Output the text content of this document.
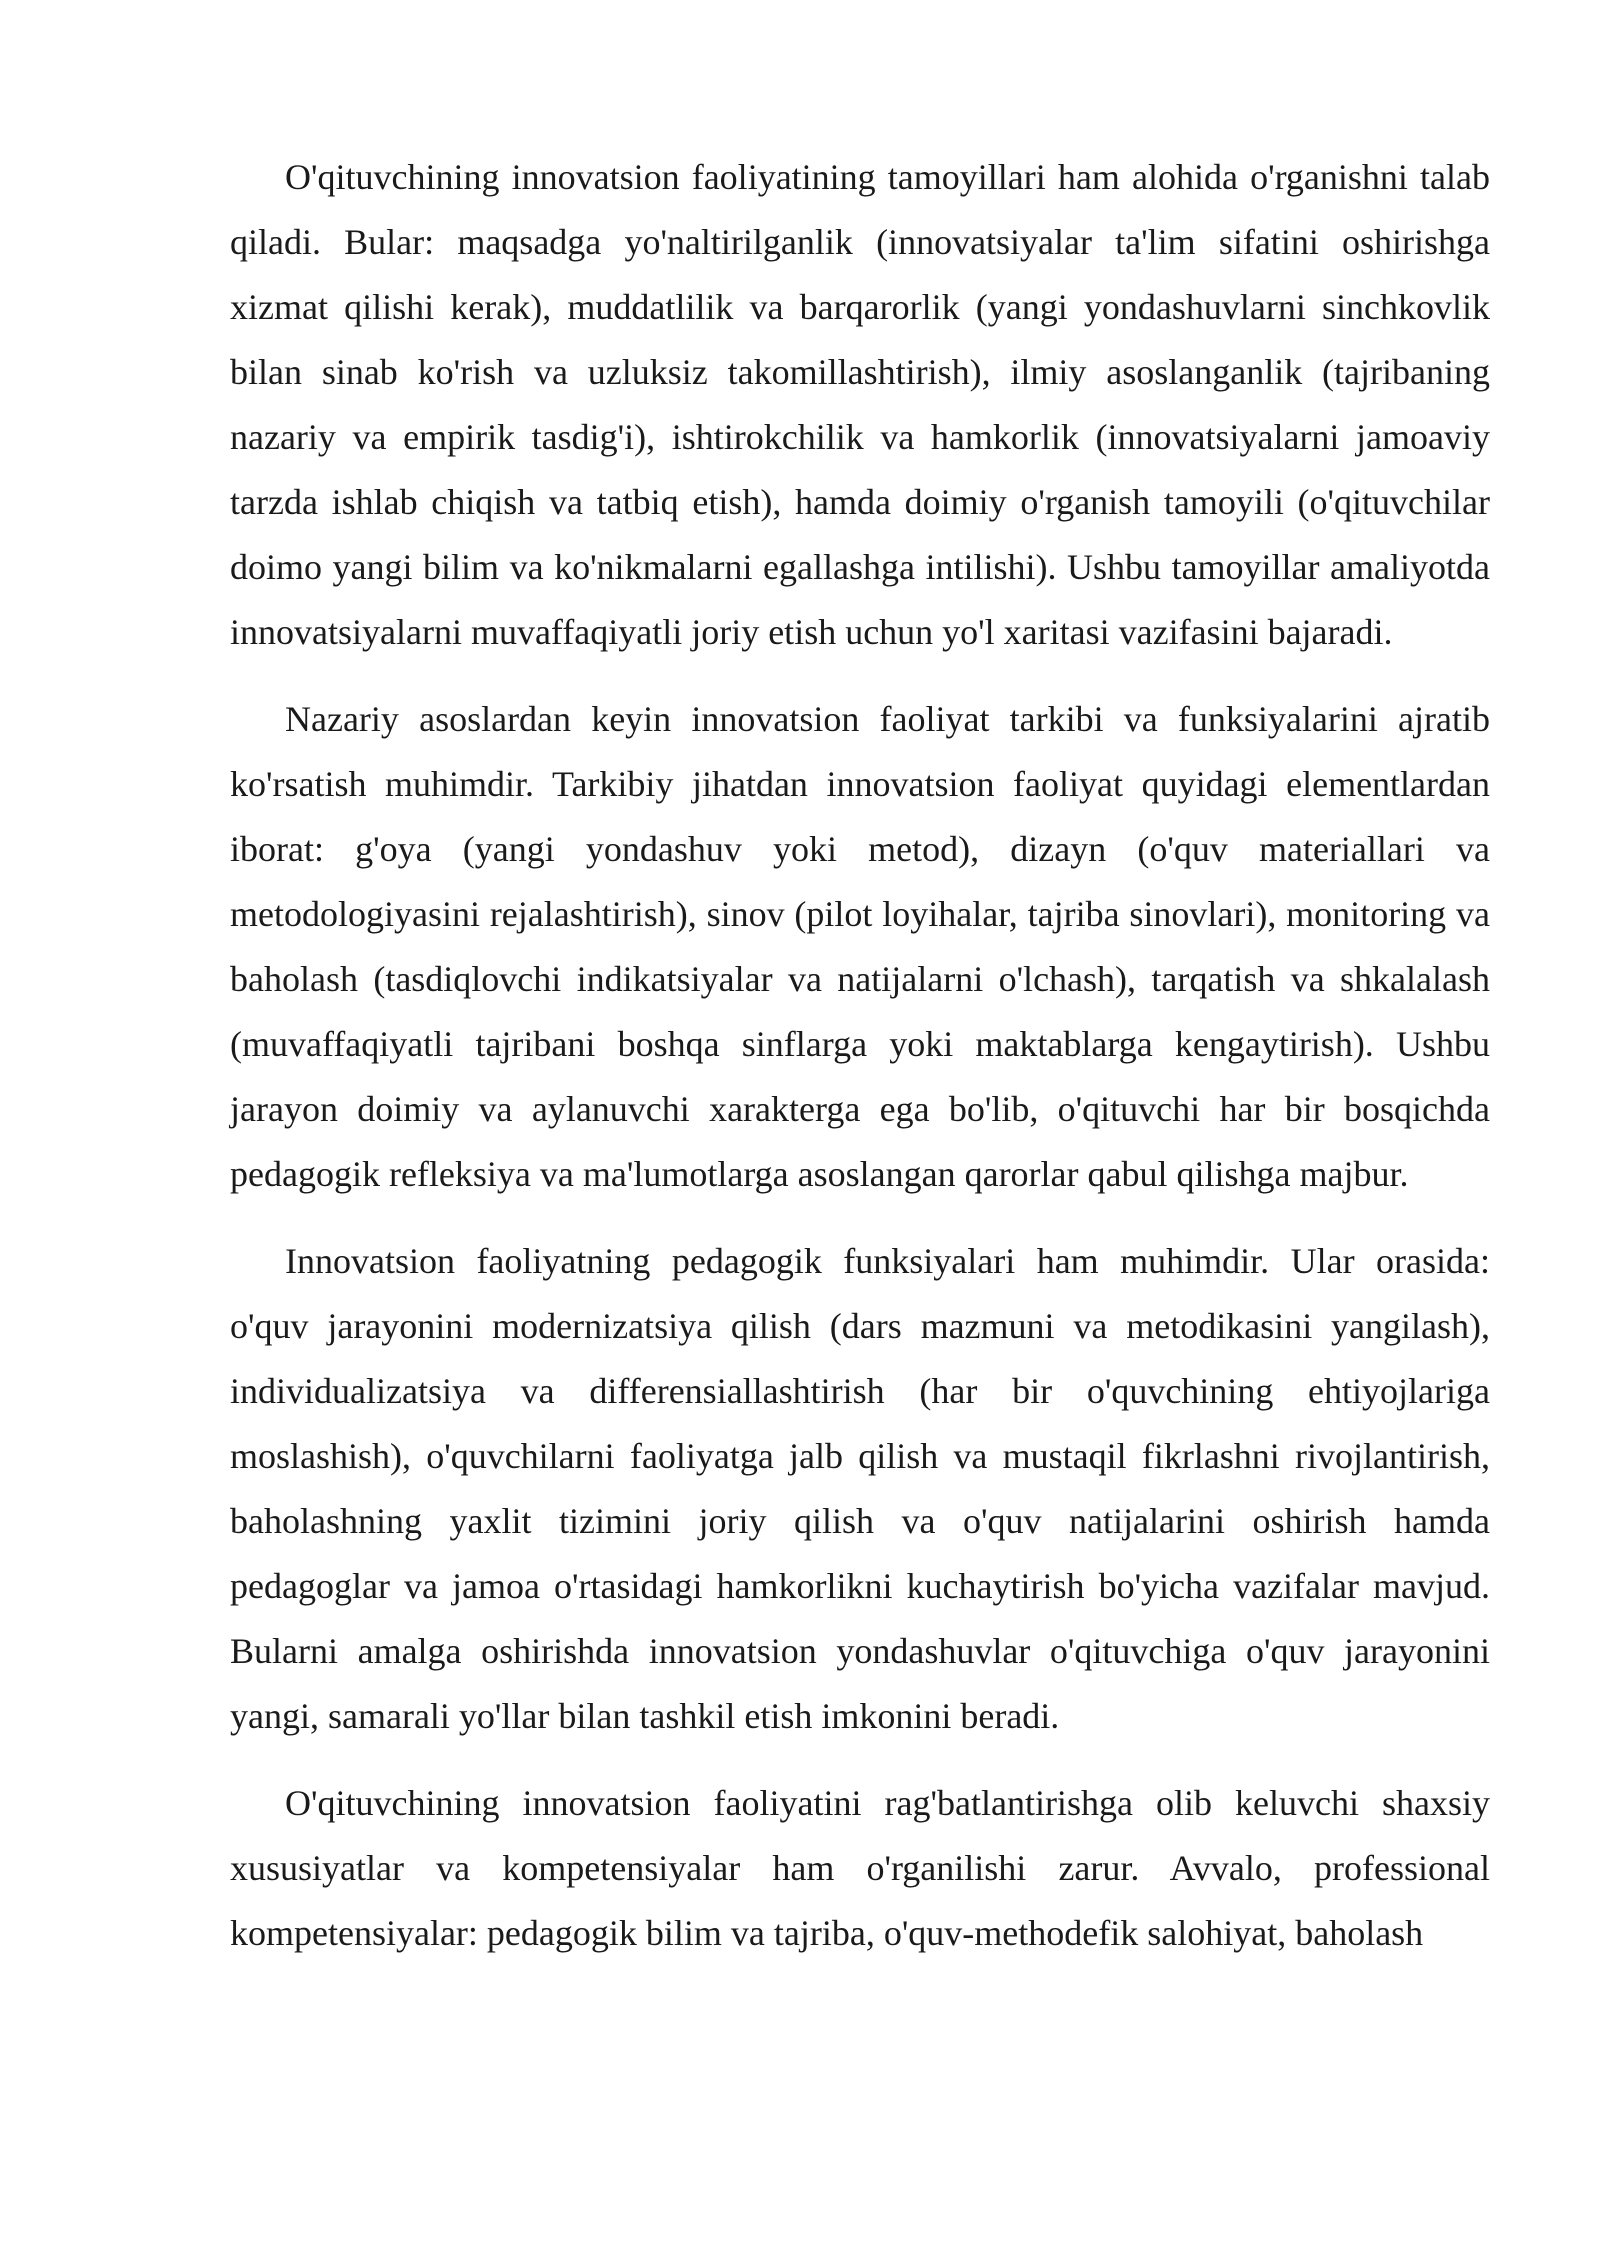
O'qituvchining innovatsion faoliyatining tamoyillari ham alohida o'rganishni talab qiladi. Bular: maqsadga yo'naltirilganlik (innovatsiyalar ta'lim sifatini oshirishga xizmat qilishi kerak), muddatlilik va barqarorlik (yangi yondashuvlarni sinchkovlik bilan sinab ko'rish va uzluksiz takomillashtirish), ilmiy asoslanganlik (tajribaning nazariy va empirik tasdig'i), ishtirokchilik va hamkorlik (innovatsiyalarni jamoaviy tarzda ishlab chiqish va tatbiq etish), hamda doimiy o'rganish tamoyili (o'qituvchilar doimo yangi bilim va ko'nikmalarni egallashga intilishi). Ushbu tamoyillar amaliyotda innovatsiyalarni muvaffaqiyatli joriy etish uchun yo'l xaritasi vazifasini bajaradi.

Nazariy asoslardan keyin innovatsion faoliyat tarkibi va funksiyalarini ajratib ko'rsatish muhimdir. Tarkibiy jihatdan innovatsion faoliyat quyidagi elementlardan iborat: g'oya (yangi yondashuv yoki metod), dizayn (o'quv materiallari va metodologiyasini rejalashtirish), sinov (pilot loyihalar, tajriba sinovlari), monitoring va baholash (tasdiqlovchi indikatsiyalar va natijalarni o'lchash), tarqatish va shkalalash (muvaffaqiyatli tajribani boshqa sinflarga yoki maktablarga kengaytirish). Ushbu jarayon doimiy va aylanuvchi xarakterga ega bo'lib, o'qituvchi har bir bosqichda pedagogik refleksiya va ma'lumotlarga asoslangan qarorlar qabul qilishga majbur.

Innovatsion faoliyatning pedagogik funksiyalari ham muhimdir. Ular orasida: o'quv jarayonini modernizatsiya qilish (dars mazmuni va metodikasini yangilash), individualizatsiya va differensiallashtirish (har bir o'quvchining ehtiyojlariga moslashish), o'quvchilarni faoliyatga jalb qilish va mustaqil fikrlashni rivojlantirish, baholashning yaxlit tizimini joriy qilish va o'quv natijalarini oshirish hamda pedagoglar va jamoa o'rtasidagi hamkorlikni kuchaytirish bo'yicha vazifalar mavjud. Bularni amalga oshirishda innovatsion yondashuvlar o'qituvchiga o'quv jarayonini yangi, samarali yo'llar bilan tashkil etish imkonini beradi.

O'qituvchining innovatsion faoliyatini rag'batlantirishga olib keluvchi shaxsiy xususiyatlar va kompetensiyalar ham o'rganilishi zarur. Avvalo, professional kompetensiyalar: pedagogik bilim va tajriba, o'quv-methodefik salohiyat, baholash
